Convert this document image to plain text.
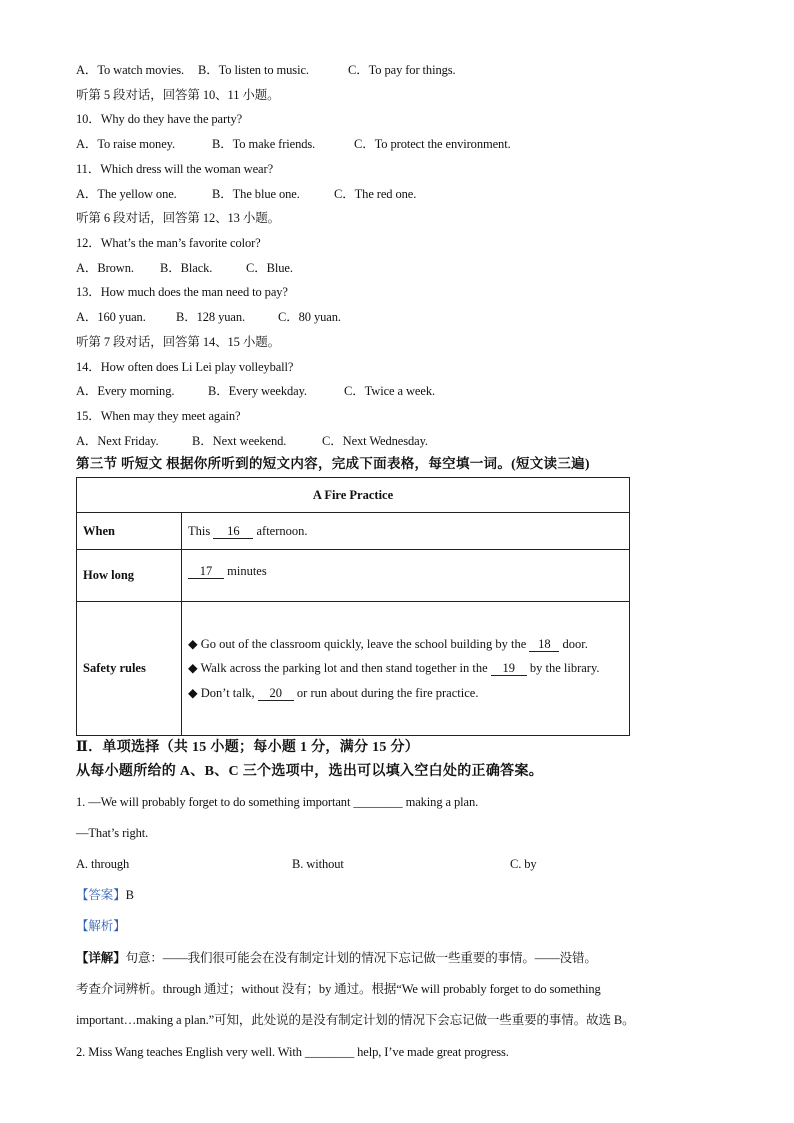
A．To watch movies. B．To listen to music.	C．To pay for things.
听第 5 段对话，回答第 10、11 小题。
10．Why do they have the party?
A．To raise money.	B．To make friends.	C．To protect the environment.
11．Which dress will the woman wear?
A．The yellow one.	B．The blue one.	C．The red one.
听第 6 段对话，回答第 12、13 小题。
12．What’s the man’s favorite color?
A．Brown. B．Black.	C．Blue.
13．How much does the man need to pay?
A．160 yuan. B．128 yuan.	C．80 yuan.
听第 7 段对话，回答第 14、15 小题。
14．How often does Li Lei play volleyball?
A．Every morning.	B．Every weekday.	C．Twice a week.
15．When may they meet again?
A．Next Friday.	B．Next weekend.	C．Next Wednesday.
第三节 听短文 根据你所听到的短文内容，完成下面表格，每空填一词。(短文读三遍)
A Fire Practice	
When	This 16 afternoon.
How long	17 minutes
Safety rules	◆ Go out of the classroom quickly, leave the school building by the 18 door.
◆ Walk across the parking lot and then stand together in the 19 by the library.
◆ Don’t talk, 20 or run about during the fire practice.
Ⅱ．单项选择（共 15 小题；每小题 1 分，满分 15 分）
从每小题所给的 A、B、C 三个选项中，选出可以填入空白处的正确答案。
1. —We will probably forget to do something important ________ making a plan.
—That’s right.
A. through	B. without	C. by
【答案】B
【解析】
【详解】句意：——我们很可能会在没有制定计划的情况下忘记做一些重要的事情。——没错。
考查介词辨析。through 通过；without 没有；by 通过。根据“We will probably forget to do something
important…making a plan.”可知，此处说的是没有制定计划的情况下会忘记做一些重要的事情。故选 B。
2. Miss Wang teaches English very well. With ________ help, I’ve made great progress.
